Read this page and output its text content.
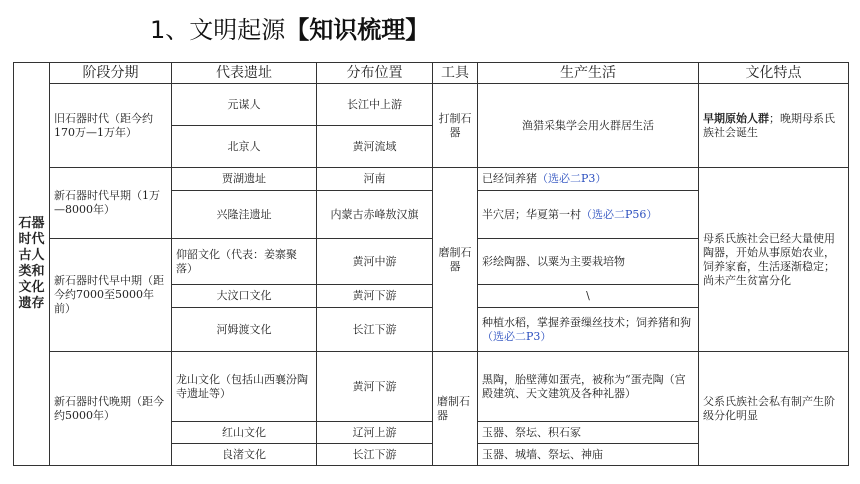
1、文明起源【知识梳理】
石器时代古人类和文化遗存	阶段分期	代表遗址	分布位置	工具	生产生活	文化特点
	旧石器时代（距今约170万—1万年）	元谋人	长江中上游	打制石器	渔猎采集学会用火群居生活	早期原始人群；晚期母系氏族社会诞生
		北京人	黄河流域			
	新石器时代早期（1万—8000年）	贾湖遗址	河南	磨制石器	已经饲养猪（选必二P3）	母系氏族社会已经大量使用陶器，开始从事原始农业，饲养家畜，生活逐渐稳定；尚未产生贫富分化
		兴隆洼遗址	内蒙古赤峰敖汉旗		半穴居；华夏第一村（选必二P56）	
	新石器时代早中期（距今约7000至5000年前）	仰韶文化（代表：姜寨聚落）	黄河中游		彩绘陶器、以粟为主要栽培物	
		大汶口文化	黄河下游		\	
		河姆渡文化	长江下游		种植水稻，掌握养蚕缫丝技术；饲养猪和狗（选必二P3）	
	新石器时代晚期（距今约5000年）	龙山文化（包括山西襄汾陶寺遗址等）	黄河下游	磨制石器	黑陶，胎壁薄如蛋壳，被称为“蛋壳陶（宫殿建筑、天文建筑及各种礼器）	父系氏族社会私有制产生阶级分化明显
		红山文化	辽河上游		玉器、祭坛、积石冢	
		良渚文化	长江下游		玉器、城墙、祭坛、神庙	
